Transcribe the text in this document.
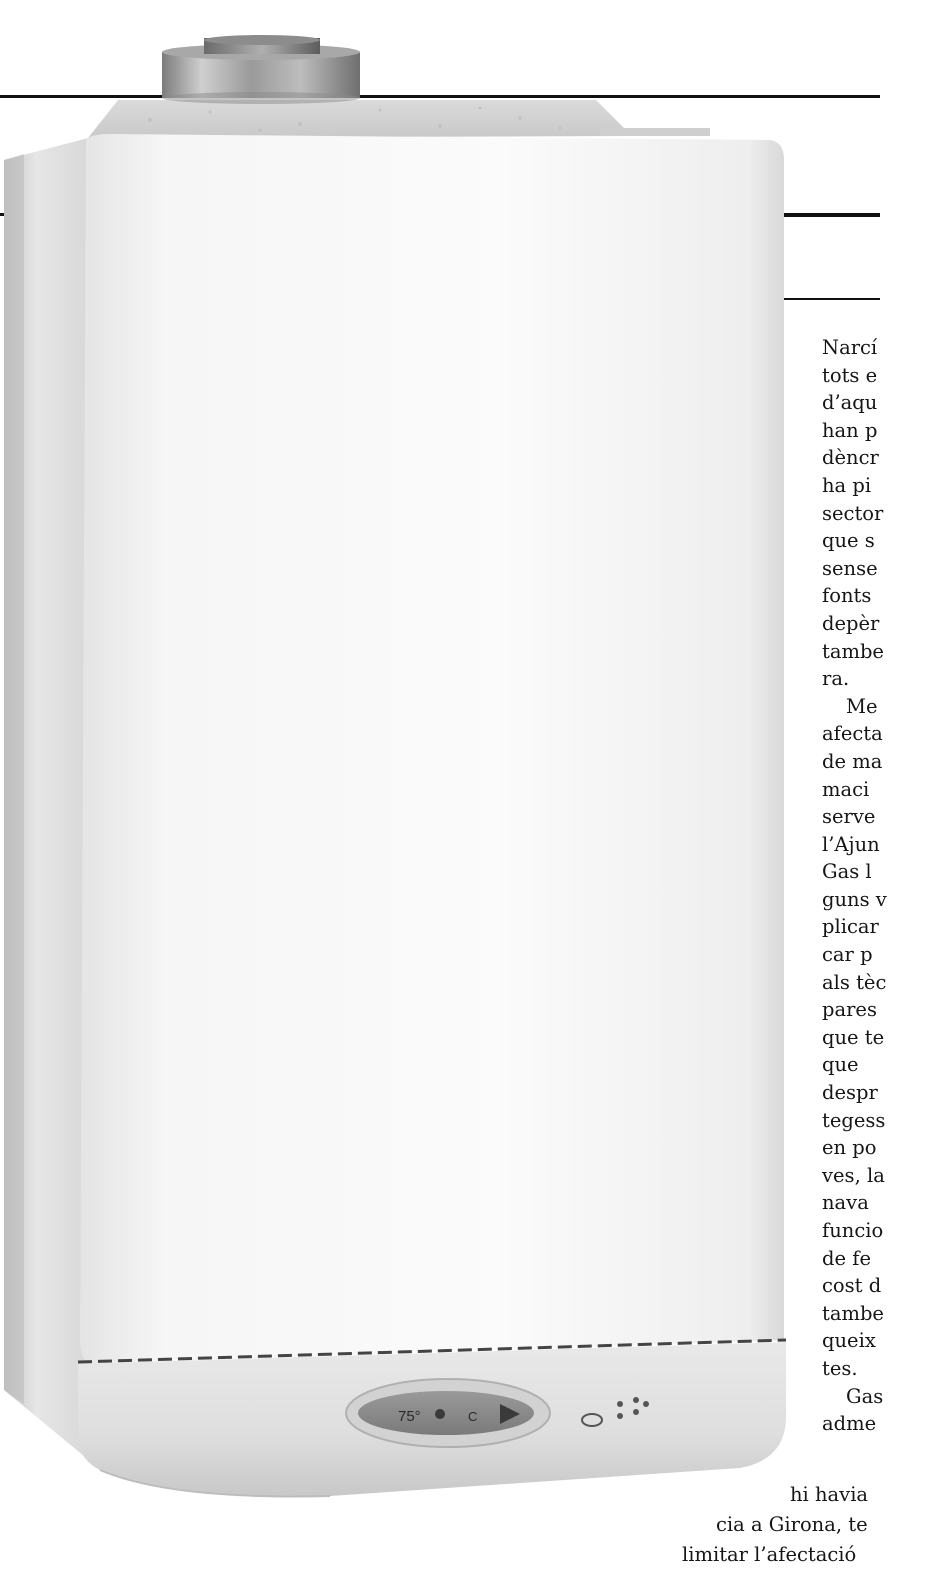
75°	C
Narcí
tots e
d’aqu
han p
dèncr
ha pi
sector
que s
sense
fonts
depèr
tambe
ra.
Me
afecta
de ma
maci
serve
l’Ajun
Gas l
guns v
plicar
car p
als tèc
pares
que te
que
despr
tegess
en po
ves, la
nava
funcio
de fe
cost d
tambe
queix
tes.
Gas
adme
hi havia
cia a Girona, te
limitar l’afectació
